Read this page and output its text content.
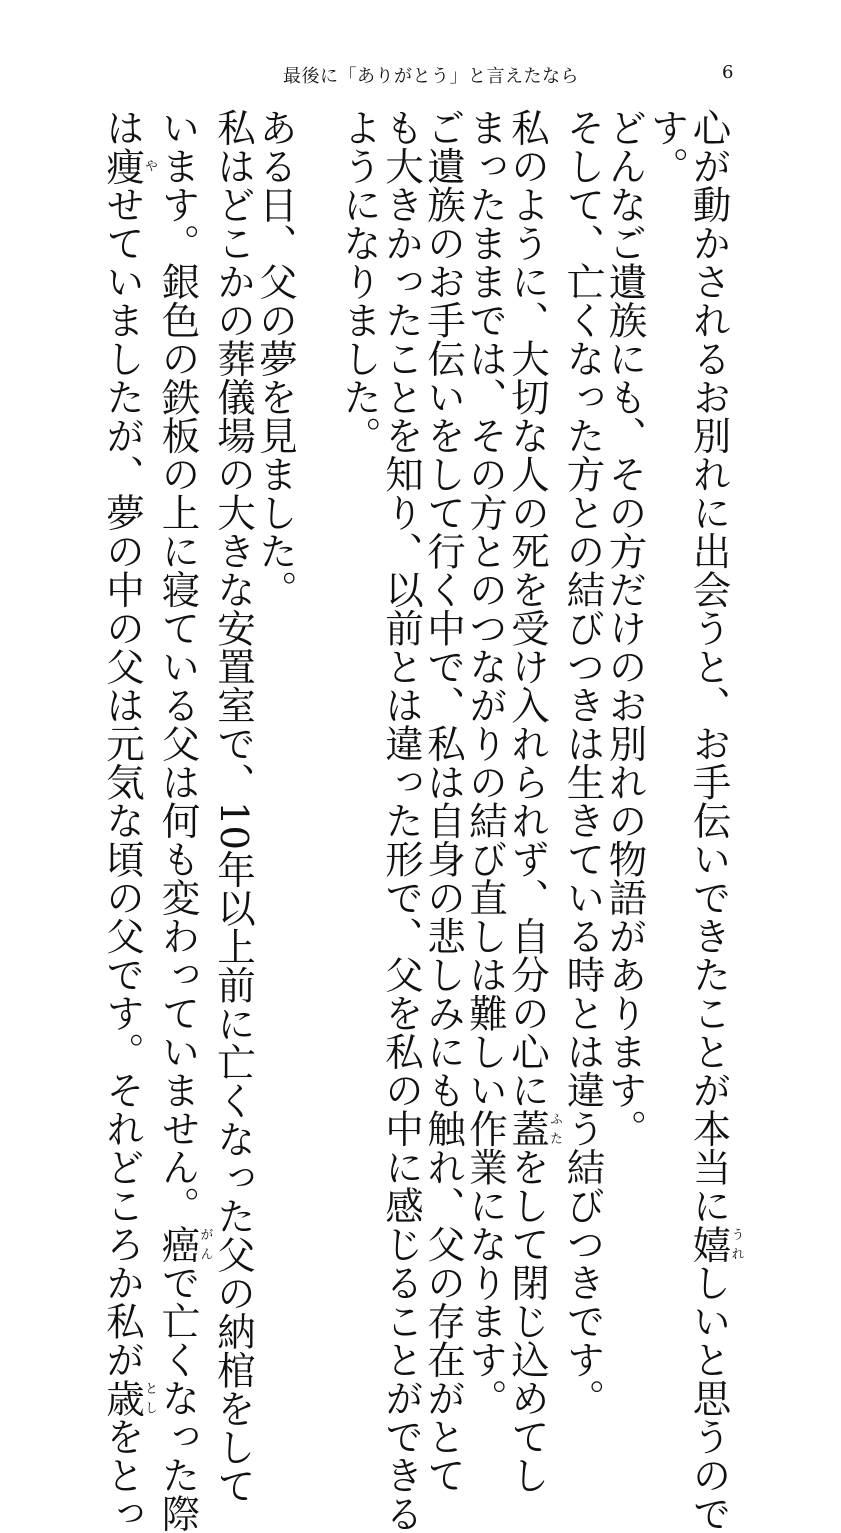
最後に「ありがとう」と言えたなら	6
心が動かされるお別れに出会うと、お手伝いできたことが本当に嬉うれしいと思うので
す。
どんなご遺族にも、その方だけのお別れの物語があります。
そして、亡くなった方との結びつきは生きている時とは違う結びつきです。
私のように、大切な人の死を受け入れられず、自分の心に蓋ふたをして閉じ込めてし
まったままでは、その方とのつながりの結び直しは難しい作業になります。
ご遺族のお手伝いをして行く中で、私は自身の悲しみにも触れ、父の存在がとて
も大きかったことを知り、以前とは違った形で、父を私の中に感じることができる
ようになりました。
ある日、父の夢を見ました。
私はどこかの葬儀場の大きな安置室で、10年以上前に亡くなった父の納棺をして
います。銀色の鉄板の上に寝ている父は何も変わっていません。癌がんで亡くなった際
は痩やせていましたが、夢の中の父は元気な頃の父です。それどころか私が歳としをとっ
